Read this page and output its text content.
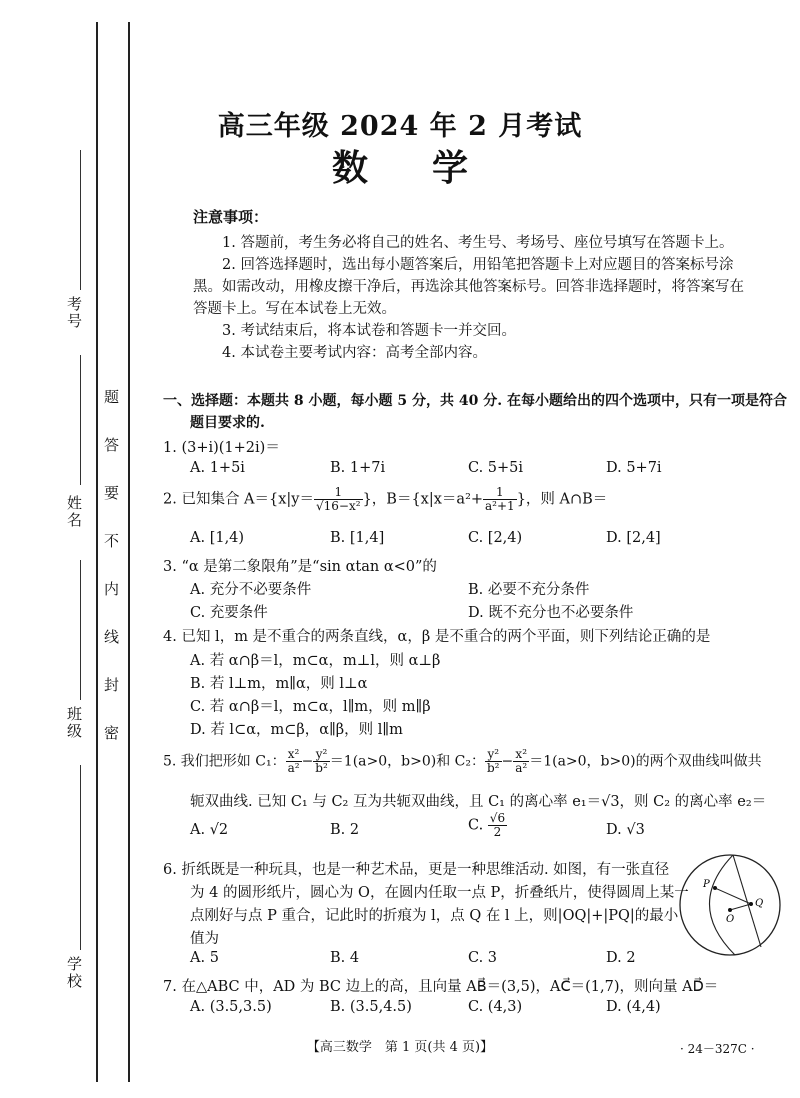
考号
姓名
班级
学校
题
答
要
不
内
线
封
密
高三年级 2024 年 2 月考试
数学
注意事项：
1. 答题前，考生务必将自己的姓名、考生号、考场号、座位号填写在答题卡上。
2. 回答选择题时，选出每小题答案后，用铅笔把答题卡上对应题目的答案标号涂
黑。如需改动，用橡皮擦干净后，再选涂其他答案标号。回答非选择题时，将答案写在
答题卡上。写在本试卷上无效。
3. 考试结束后，将本试卷和答题卡一并交回。
4. 本试卷主要考试内容：高考全部内容。
一、选择题：本题共 8 小题，每小题 5 分，共 40 分. 在每小题给出的四个选项中，只有一项是符合
题目要求的.
1. (3+i)(1+2i)＝
A. 1+5i	B. 1+7i	C. 5+5i	D. 5+7i
2. 已知集合 $A=\{x|y= \frac{1}{\text{√16−x²}}$ }，$B=\{x|x=a^2+ \frac{1}{\text{a²+1}}$ }，则 A∩B＝
A. [1,4)	B. [1,4]	C. [2,4)	D. [2,4]
3. “α 是第二象限角”是“sin αtan α<0”的
A. 充分不必要条件	B. 必要不充分条件
C. 充要条件	D. 既不充分也不必要条件
4. 已知 l，m 是不重合的两条直线，α，β 是不重合的两个平面，则下列结论正确的是
A. 若 α∩β＝l，m⊂α，m⊥l，则 α⊥β
B. 若 l⊥m，m∥α，则 l⊥α
C. 若 α∩β＝l，m⊂α，l∥m，则 m∥β
D. 若 l⊂α，m⊂β，α∥β，则 l∥m
5. 我们把形如 C₁： $\frac{\text{x²}}{\text{a²}} - \frac{\text{y²}}{\text{b²}} =1(a>0$，b>0)和 C₂： $\frac{\text{y²}}{\text{b²}} - \frac{\text{x²}}{\text{a²}} =1(a>0$，b>0)的两个双曲线叫做共
轭双曲线. 已知 C₁ 与 C₂ 互为共轭双曲线，且 C₁ 的离心率 e₁＝√3，则 C₂ 的离心率 e₂＝
A. √2	B. 2	C. $\frac{√6}{2}$	D. √3
6. 折纸既是一种玩具，也是一种艺术品，更是一种思维活动. 如图，有一张直径
为 4 的圆形纸片，圆心为 O，在圆内任取一点 P，折叠纸片，使得圆周上某一
点刚好与点 P 重合，记此时的折痕为 l，点 Q 在 l 上，则|OQ|+|PQ|的最小
值为
A. 5	B. 4	C. 3	D. 2
P
O
Q
7. 在△ABC 中，AD 为 BC 边上的高，且向量 AB⃗＝(3,5)，AC⃗＝(1,7)，则向量 AD⃗＝
A. (3.5,3.5)	B. (3.5,4.5)	C. (4,3)	D. (4,4)
【高三数学　第 1 页(共 4 页)】	· 24－327C ·
